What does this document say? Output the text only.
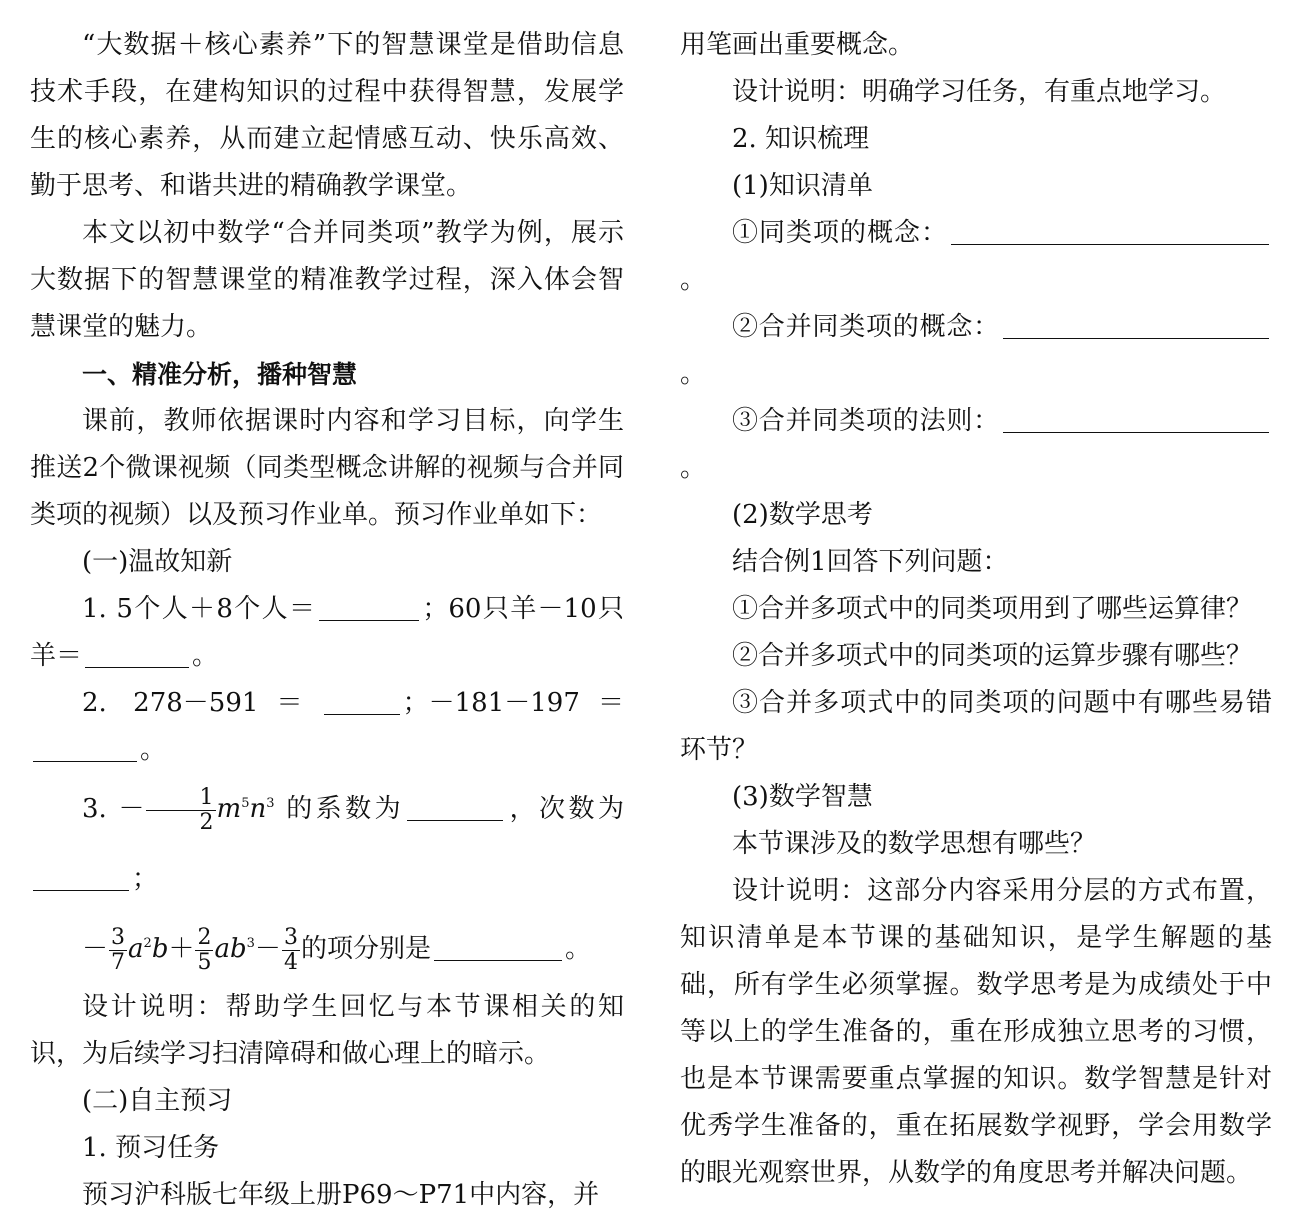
“大数据＋核心素养”下的智慧课堂是借助信息技术手段，在建构知识的过程中获得智慧，发展学生的核心素养，从而建立起情感互动、快乐高效、勤于思考、和谐共进的精确教学课堂。

本文以初中数学“合并同类项”教学为例，展示大数据下的智慧课堂的精准教学过程，深入体会智慧课堂的魅力。

一、精准分析，播种智慧

课前，教师依据课时内容和学习目标，向学生推送2个微课视频（同类型概念讲解的视频与合并同类项的视频）以及预习作业单。预习作业单如下：

(一)温故知新

1. 5个人＋8个人＝	；60只羊－10只羊＝	。

2. 278－591＝	；－181－197＝。

3. － $\frac{1}{2} m^5n^3$ 的系数为	，次数为；

－ $\frac{3}{7} a^2b+ \frac{2}{5} ab^3- \frac{3}{4}$ 的项分别是	。

设计说明：帮助学生回忆与本节课相关的知识，为后续学习扫清障碍和做心理上的暗示。

(二)自主预习

1. 预习任务

预习沪科版七年级上册P69～P71中内容，并

用笔画出重要概念。

设计说明：明确学习任务，有重点地学习。

2. 知识梳理

(1)知识清单

①同类项的概念：。

②合并同类项的概念：。

③合并同类项的法则：。

(2)数学思考

结合例1回答下列问题：

①合并多项式中的同类项用到了哪些运算律？

②合并多项式中的同类项的运算步骤有哪些？

③合并多项式中的同类项的问题中有哪些易错环节？

(3)数学智慧

本节课涉及的数学思想有哪些？

设计说明：这部分内容采用分层的方式布置，知识清单是本节课的基础知识，是学生解题的基础，所有学生必须掌握。数学思考是为成绩处于中等以上的学生准备的，重在形成独立思考的习惯，也是本节课需要重点掌握的知识。数学智慧是针对优秀学生准备的，重在拓展数学视野，学会用数学的眼光观察世界，从数学的角度思考并解决问题。
